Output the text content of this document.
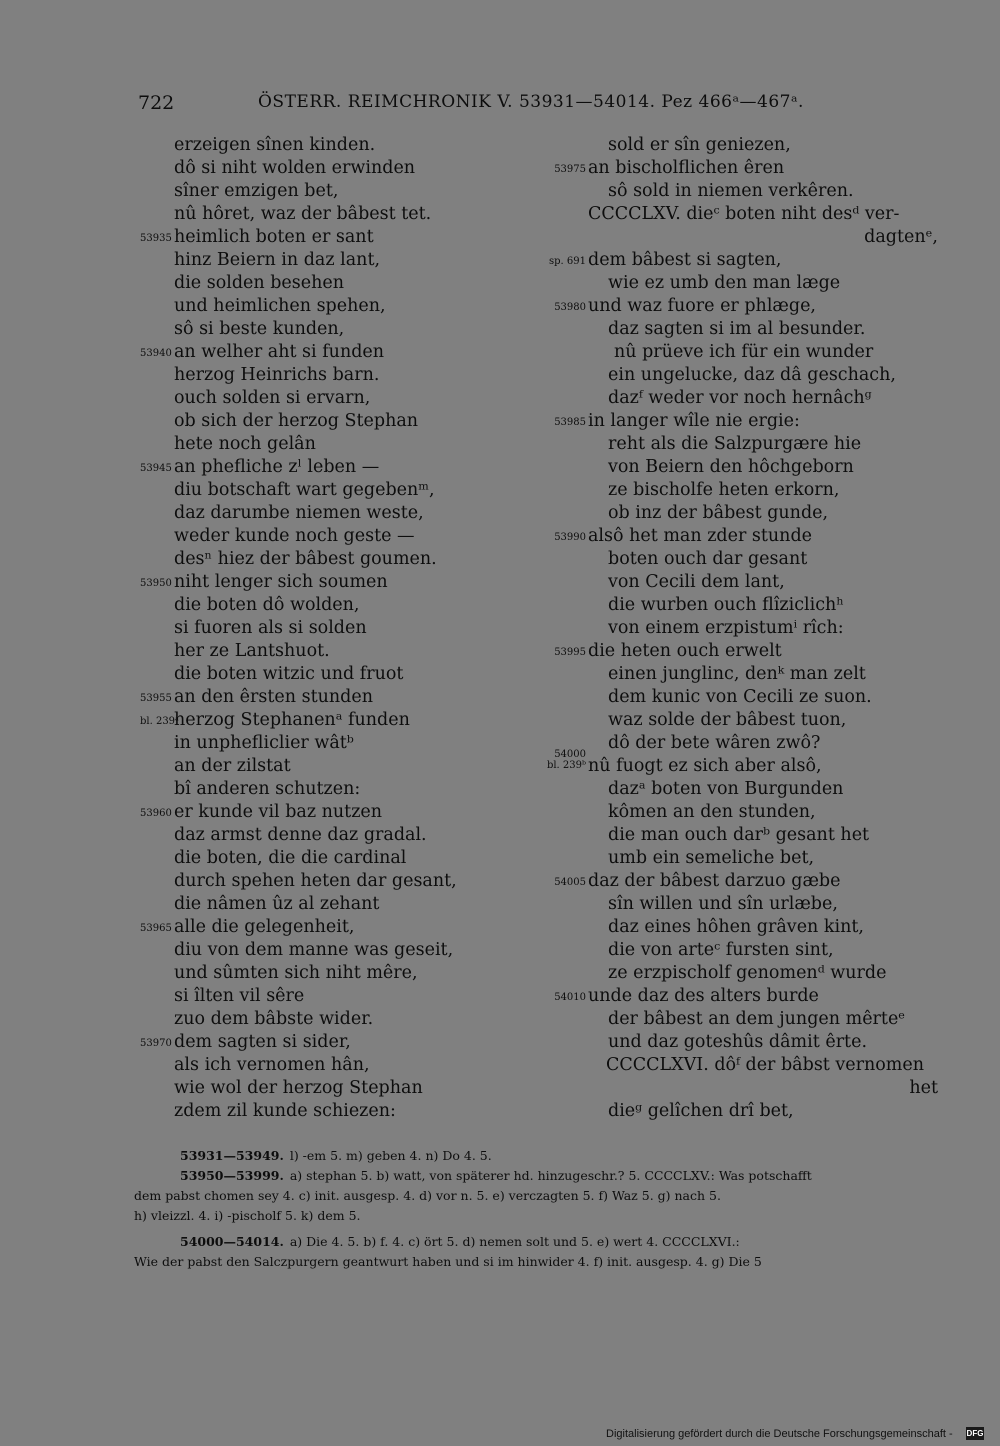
722	ÖSTERR. REIMCHRONIK V. 53931—54014. Pez 466ᵃ—467ᵃ.
erzeigen sînen kinden.
dô si niht wolden erwinden
sîner emzigen bet,
nû hôret, waz der bâbest tet.
53935 heimlich boten er sant
hinz Beiern in daz lant,
die solden besehen
und heimlichen spehen,
sô si beste kunden,
53940 an welher aht si funden
herzog Heinrichs barn.
ouch solden si ervarn,
ob sich der herzog Stephan
hete noch gelân
53945 an phefliche zˡ leben —
diu botschaft wart gegebenᵐ,
daz darumbe niemen weste,
weder kunde noch geste —
desⁿ hiez der bâbest goumen.
53950 niht lenger sich soumen
die boten dô wolden,
si fuoren als si solden
her ze Lantshuot.
die boten witzic und fruot
53955 an den êrsten stunden
bl. 239ᵃ
herzog Stephanenᵃ funden
in unphefliclier wâtᵇ
an der zilstat
bî anderen schutzen:
53960 er kunde vil baz nutzen
daz armst denne daz gradal.
die boten, die die cardinal
durch spehen heten dar gesant,
die nâmen ûz al zehant
53965 alle die gelegenheit,
diu von dem manne was geseit,
und sûmten sich niht mêre,
si îlten vil sêre
zuo dem bâbste wider.
53970 dem sagten si sider,
als ich vernomen hân,
wie wol der herzog Stephan
zdem zil kunde schiezen:
sold er sîn geniezen,
53975 an bischolflichen êren
sô sold in niemen verkêren.
CCCCLXV. dieᶜ boten niht desᵈ ver-
dagtenᵉ,
sp. 691 dem bâbest si sagten,
wie ez umb den man læge
53980 und waz fuore er phlæge,
daz sagten si im al besunder.
nû prüeve ich für ein wunder
ein ungelucke, daz dâ geschach,
dazᶠ weder vor noch hernâchᵍ
53985 in langer wîle nie ergie:
reht als die Salzpurgære hie
von Beiern den hôchgeborn
ze bischolfe heten erkorn,
ob inz der bâbest gunde,
53990 alsô het man zder stunde
boten ouch dar gesant
von Cecili dem lant,
die wurben ouch flîziclichʰ
von einem erzpistumⁱ rîch:
53995 die heten ouch erwelt
einen junglinc, denᵏ man zelt
dem kunic von Cecili ze suon.
waz solde der bâbest tuon,
dô der bete wâren zwô?
54000
bl. 239ᵇ nû fuogt ez sich aber alsô,
dazᵃ boten von Burgunden
kômen an den stunden,
die man ouch darᵇ gesant het
umb ein semeliche bet,
54005 daz der bâbest darzuo gæbe
sîn willen und sîn urlæbe,
daz eines hôhen grâven kint,
die von arteᶜ fursten sint,
ze erzpischolf genomenᵈ wurde
54010 unde daz des alters burde
der bâbest an dem jungen mêrteᵉ
und daz goteshûs dâmit êrte.
CCCCLXVI. dôᶠ der bâbst vernomen
het
dieᵍ gelîchen drî bet,
53931—53949. l) -em 5. m) geben 4. n) Do 4. 5.
53950—53999. a) stephan 5. b) watt, von späterer hd. hinzugeschr.? 5. CCCCLXV.: Was potschafft
dem pabst chomen sey 4. c) init. ausgesp. 4. d) vor n. 5. e) verczagten 5. f) Waz 5. g) nach 5.
h) vleizzl. 4. i) -pischolf 5. k) dem 5.
54000—54014. a) Die 4. 5. b) f. 4. c) ört 5. d) nemen solt und 5. e) wert 4. CCCCLXVI.:
Wie der pabst den Salczpurgern geantwurt haben und si im hinwider 4. f) init. ausgesp. 4. g) Die 5
Digitalisierung gefördert durch die Deutsche Forschungsgemeinschaft - DFG
